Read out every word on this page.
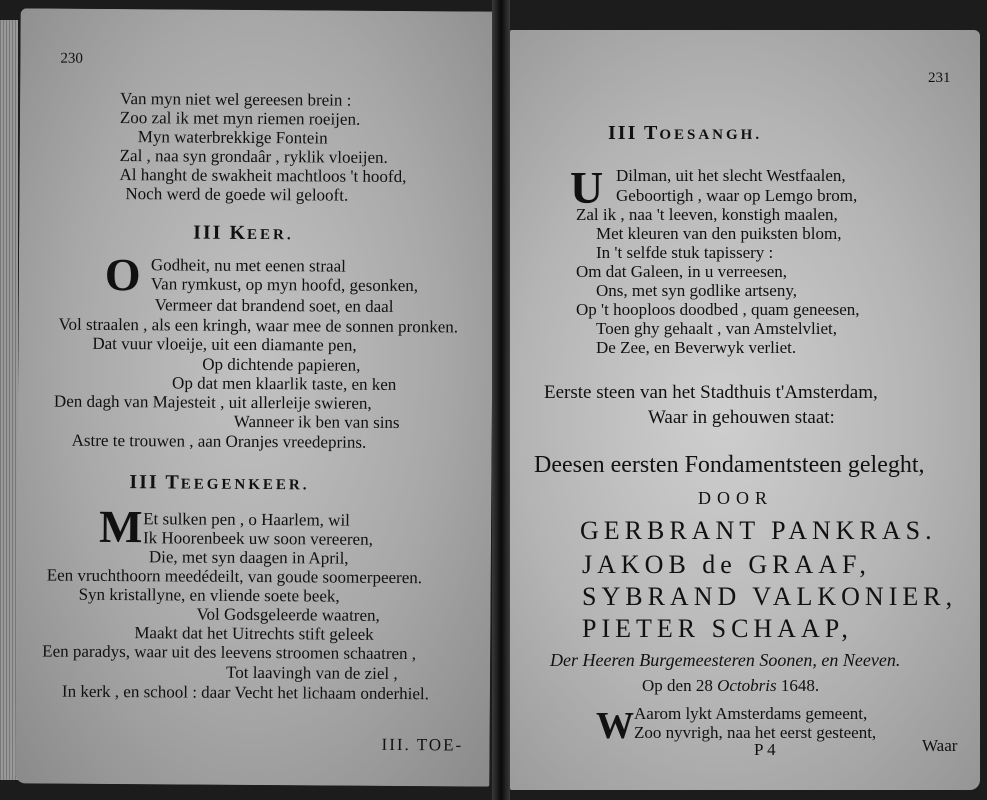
230
Van myn niet wel gereesen brein :
Zoo zal ik met myn riemen roeijen.
Myn waterbrekkige Fontein
Zal , naa syn grondaâr , ryklik vloeijen.
Al hanght de swakheit machtloos 't hoofd,
Noch werd de goede wil gelooft.
III KEER.
O Godheit, nu met eenen straal
Van rymkust, op myn hoofd, gesonken,
Vermeer dat brandend soet, en daal
Vol straalen , als een kringh, waar mee de sonnen pronken.
Dat vuur vloeije, uit een diamante pen,
Op dichtende papieren,
Op dat men klaarlik taste, en ken
Den dagh van Majesteit , uit allerleije swieren,
Wanneer ik ben van sins
Astre te trouwen , aan Oranjes vreedeprins.
III TEEGENKEER.
M Et sulken pen , o Haarlem, wil
Ik Hoorenbeek uw soon vereeren,
Die, met syn daagen in April,
Een vruchthoorn meedédeilt, van goude soomerpeeren.
Syn kristallyne, en vliende soete beek,
Vol Godsgeleerde waatren,
Maakt dat het Uitrechts stift geleek
Een paradys, waar uit des leevens stroomen schaatren ,
Tot laavingh van de ziel ,
In kerk , en school : daar Vecht het lichaam onderhiel.
III. TOE-
231
III TOESANGH.
U Dilman, uit het slecht Westfaalen,
Geboortigh , waar op Lemgo brom,
Zal ik , naa 't leeven, konstigh maalen,
Met kleuren van den puiksten blom,
In 't selfde stuk tapissery :
Om dat Galeen, in u verreesen,
Ons, met syn godlike artseny,
Op 't hooploos doodbed , quam geneesen,
Toen ghy gehaalt , van Amstelvliet,
De Zee, en Beverwyk verliet.
Eerste steen van het Stadthuis t'Amsterdam,
Waar in gehouwen staat:
Deesen eersten Fondamentsteen geleght,
DOOR
GERBRANT PANKRAS.
JAKOB de GRAAF,
SYBRAND VALKONIER,
PIETER SCHAAP,
Der Heeren Burgemeesteren Soonen, en Neeven.
Op den 28 Octobris 1648.
W Aarom lykt Amsterdams gemeent,
Zoo nyvrigh, naa het eerst gesteent,
P 4	Waar
